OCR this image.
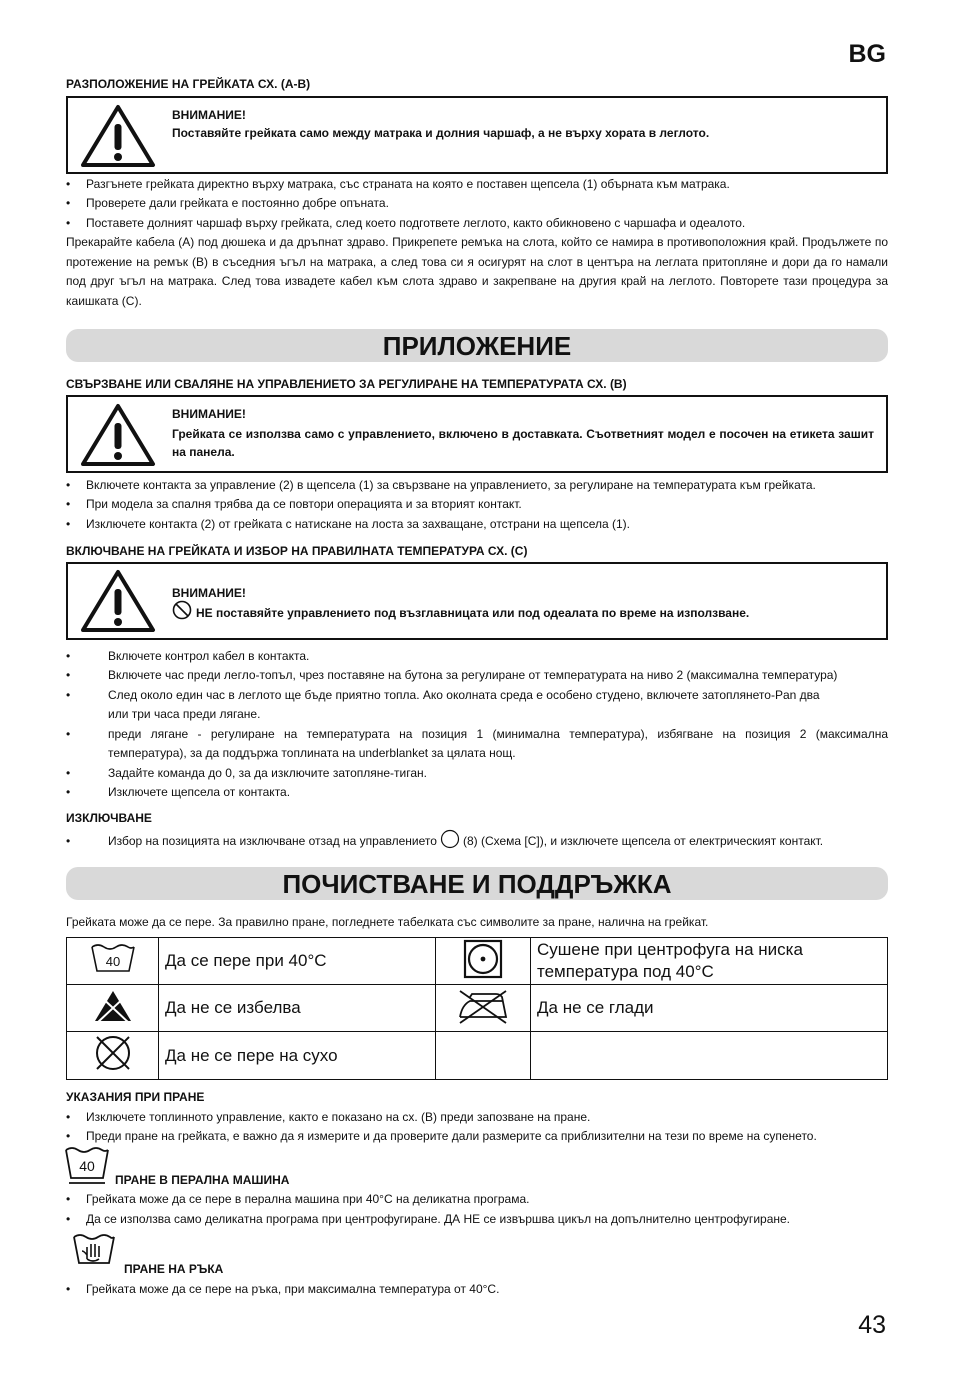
BG
РАЗПОЛОЖЕНИЕ НА ГРЕЙКАТА СХ. (A-B)
ВНИМАНИЕ!
Поставяйте грейката само между матрака и долния чаршаф, а не върху хората в леглото.
• Разгънете грейката директно върху матрака, със страната на която е поставен щепсела (1) обърната към матрака.
• Проверете дали грейката е постоянно добре опъната.
• Поставете долният чаршаф върху грейката, след което подгответе леглото, както обикновено с чаршафа и одеалото.
Прекарайте кабела (A) под дюшека и да дръпнат здраво. Прикрепете ремъка на слота, който се намира в противоположния край. Продължете по протежение на ремък (B) в съседния ъгъл на матрака, а след това си я осигурят на слот в центъра на леглата притопляне и дори да го намали под друг ъгъл на матрака. След това извадете кабел към слота здраво и закрепване на другия край на леглото. Повторете тази процедура за каишката (C).
ПРИЛОЖЕНИЕ
СВЪРЗВАНЕ ИЛИ СВАЛЯНЕ НА УПРАВЛЕНИЕТО ЗА РЕГУЛИРАНЕ НА ТЕМПЕРАТУРАТА СХ. (B)
ВНИМАНИЕ!
Грейката се използва само с управлението, включено в доставката. Съответният модел е посочен на етикета зашит на панела.
• Включете контакта за управление (2) в щепсела (1) за свързване на управлението, за регулиране на температурата към грейката.
• При модела за спалня трябва да се повтори операцията и за вторият контакт.
• Изключете контакта (2) от грейката с натискане на лоста за захващане, отстрани на щепсела (1).
ВКЛЮЧВАНЕ НА ГРЕЙКАТА И ИЗБОР НА ПРАВИЛНАТА ТЕМПЕРАТУРА СХ. (C)
ВНИМАНИЕ!
НЕ поставяйте управлението под възглавницата или под одеалата по време на използване.
•	Включете контрол кабел в контакта.
•	Включете час преди легло-топъл, чрез поставяне на бутона за регулиране от температурата на ниво 2 (максимална температура)
•	След около един час в леглото ще бъде приятно топла. Ако околната среда е особено студено, включете затоплянето-Pan два
или три часа преди лягане.
•	преди лягане - регулиране на температурата на позиция 1 (минимална температура), избягване на позиция 2 (максимална
температура), за да поддържа топлината на underblanket за цялата нощ.
•	Задайте команда до 0, за да изключите затопляне-тиган.
•	Изключете щепсела от контакта.
ИЗКЛЮЧВАНЕ
•	Избор на позицията на изключване отзад на управлението (8) (Схема [C]), и изключете щепсела от електрическият контакт.
ПОЧИСТВАНЕ И ПОДДРЪЖКА
Грейката може да се пере. За правилно пране, погледнете табелката със символите за пране, налична на грейкат.
40	Да се пере при 40°C		Сушене при центрофуга на ниска
температура под 40°C

	Да не се избелва		Да не се глади
	Да не се пере на сухо		
УКАЗАНИЯ ПРИ ПРАНЕ
• Изключете топлинното управление, както е показано на сх. (B) преди запозване на пране.
• Преди пране на грейката, е важно да я измерите и да проверите дали размерите са приблизителни на тези по време на супенето.
40
ПРАНЕ В ПЕРАЛНА МАШИНА
• Грейката може да се пере в перална машина при 40°C на деликатна програма.
• Да се използва само деликатна програма при центрофугиране. ДА НЕ се извършва цикъл на допълнително центрофугиране.
ПРАНЕ НА РЪКА
• Грейката може да се пере на ръка, при максимална температура от 40°C.
43
